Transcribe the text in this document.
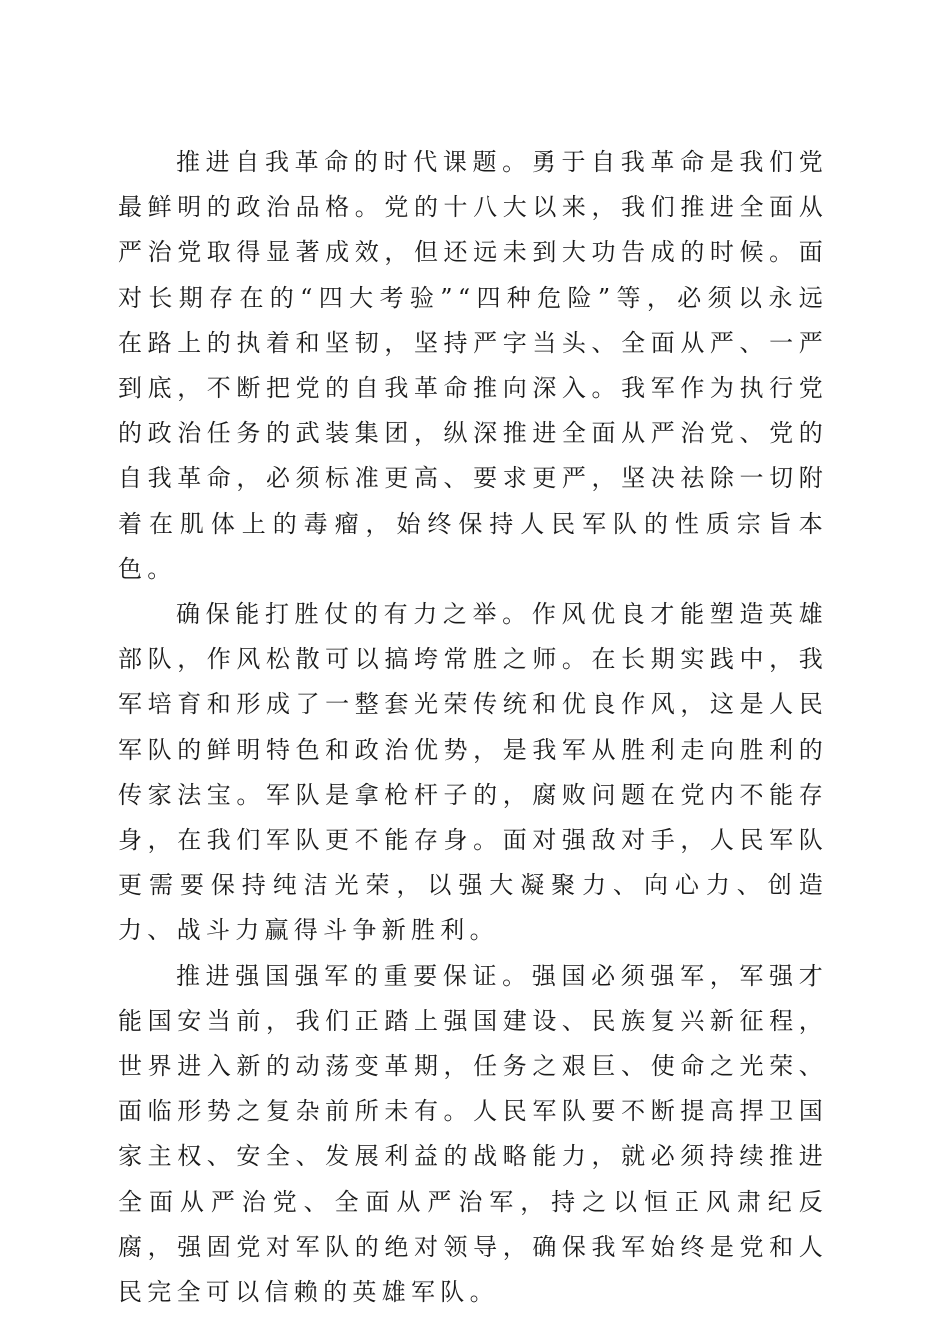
推进自我革命的时代课题。勇于自我革命是我们党最鲜明的政治品格。党的十八大以来，我们推进全面从严治党取得显著成效，但还远未到大功告成的时候。面对长期存在的“四大考验”“四种危险”等，必须以永远在路上的执着和坚韧，坚持严字当头、全面从严、一严到底，不断把党的自我革命推向深入。我军作为执行党的政治任务的武装集团，纵深推进全面从严治党、党的自我革命，必须标准更高、要求更严，坚决祛除一切附着在肌体上的毒瘤，始终保持人民军队的性质宗旨本色。

确保能打胜仗的有力之举。作风优良才能塑造英雄部队，作风松散可以搞垮常胜之师。在长期实践中，我军培育和形成了一整套光荣传统和优良作风，这是人民军队的鲜明特色和政治优势，是我军从胜利走向胜利的传家法宝。军队是拿枪杆子的，腐败问题在党内不能存身，在我们军队更不能存身。面对强敌对手，人民军队更需要保持纯洁光荣，以强大凝聚力、向心力、创造力、战斗力赢得斗争新胜利。

推进强国强军的重要保证。强国必须强军，军强才能国安当前，我们正踏上强国建设、民族复兴新征程，世界进入新的动荡变革期，任务之艰巨、使命之光荣、面临形势之复杂前所未有。人民军队要不断提高捍卫国家主权、安全、发展利益的战略能力，就必须持续推进全面从严治党、全面从严治军，持之以恒正风肃纪反腐，强固党对军队的绝对领导，确保我军始终是党和人民完全可以信赖的英雄军队。
